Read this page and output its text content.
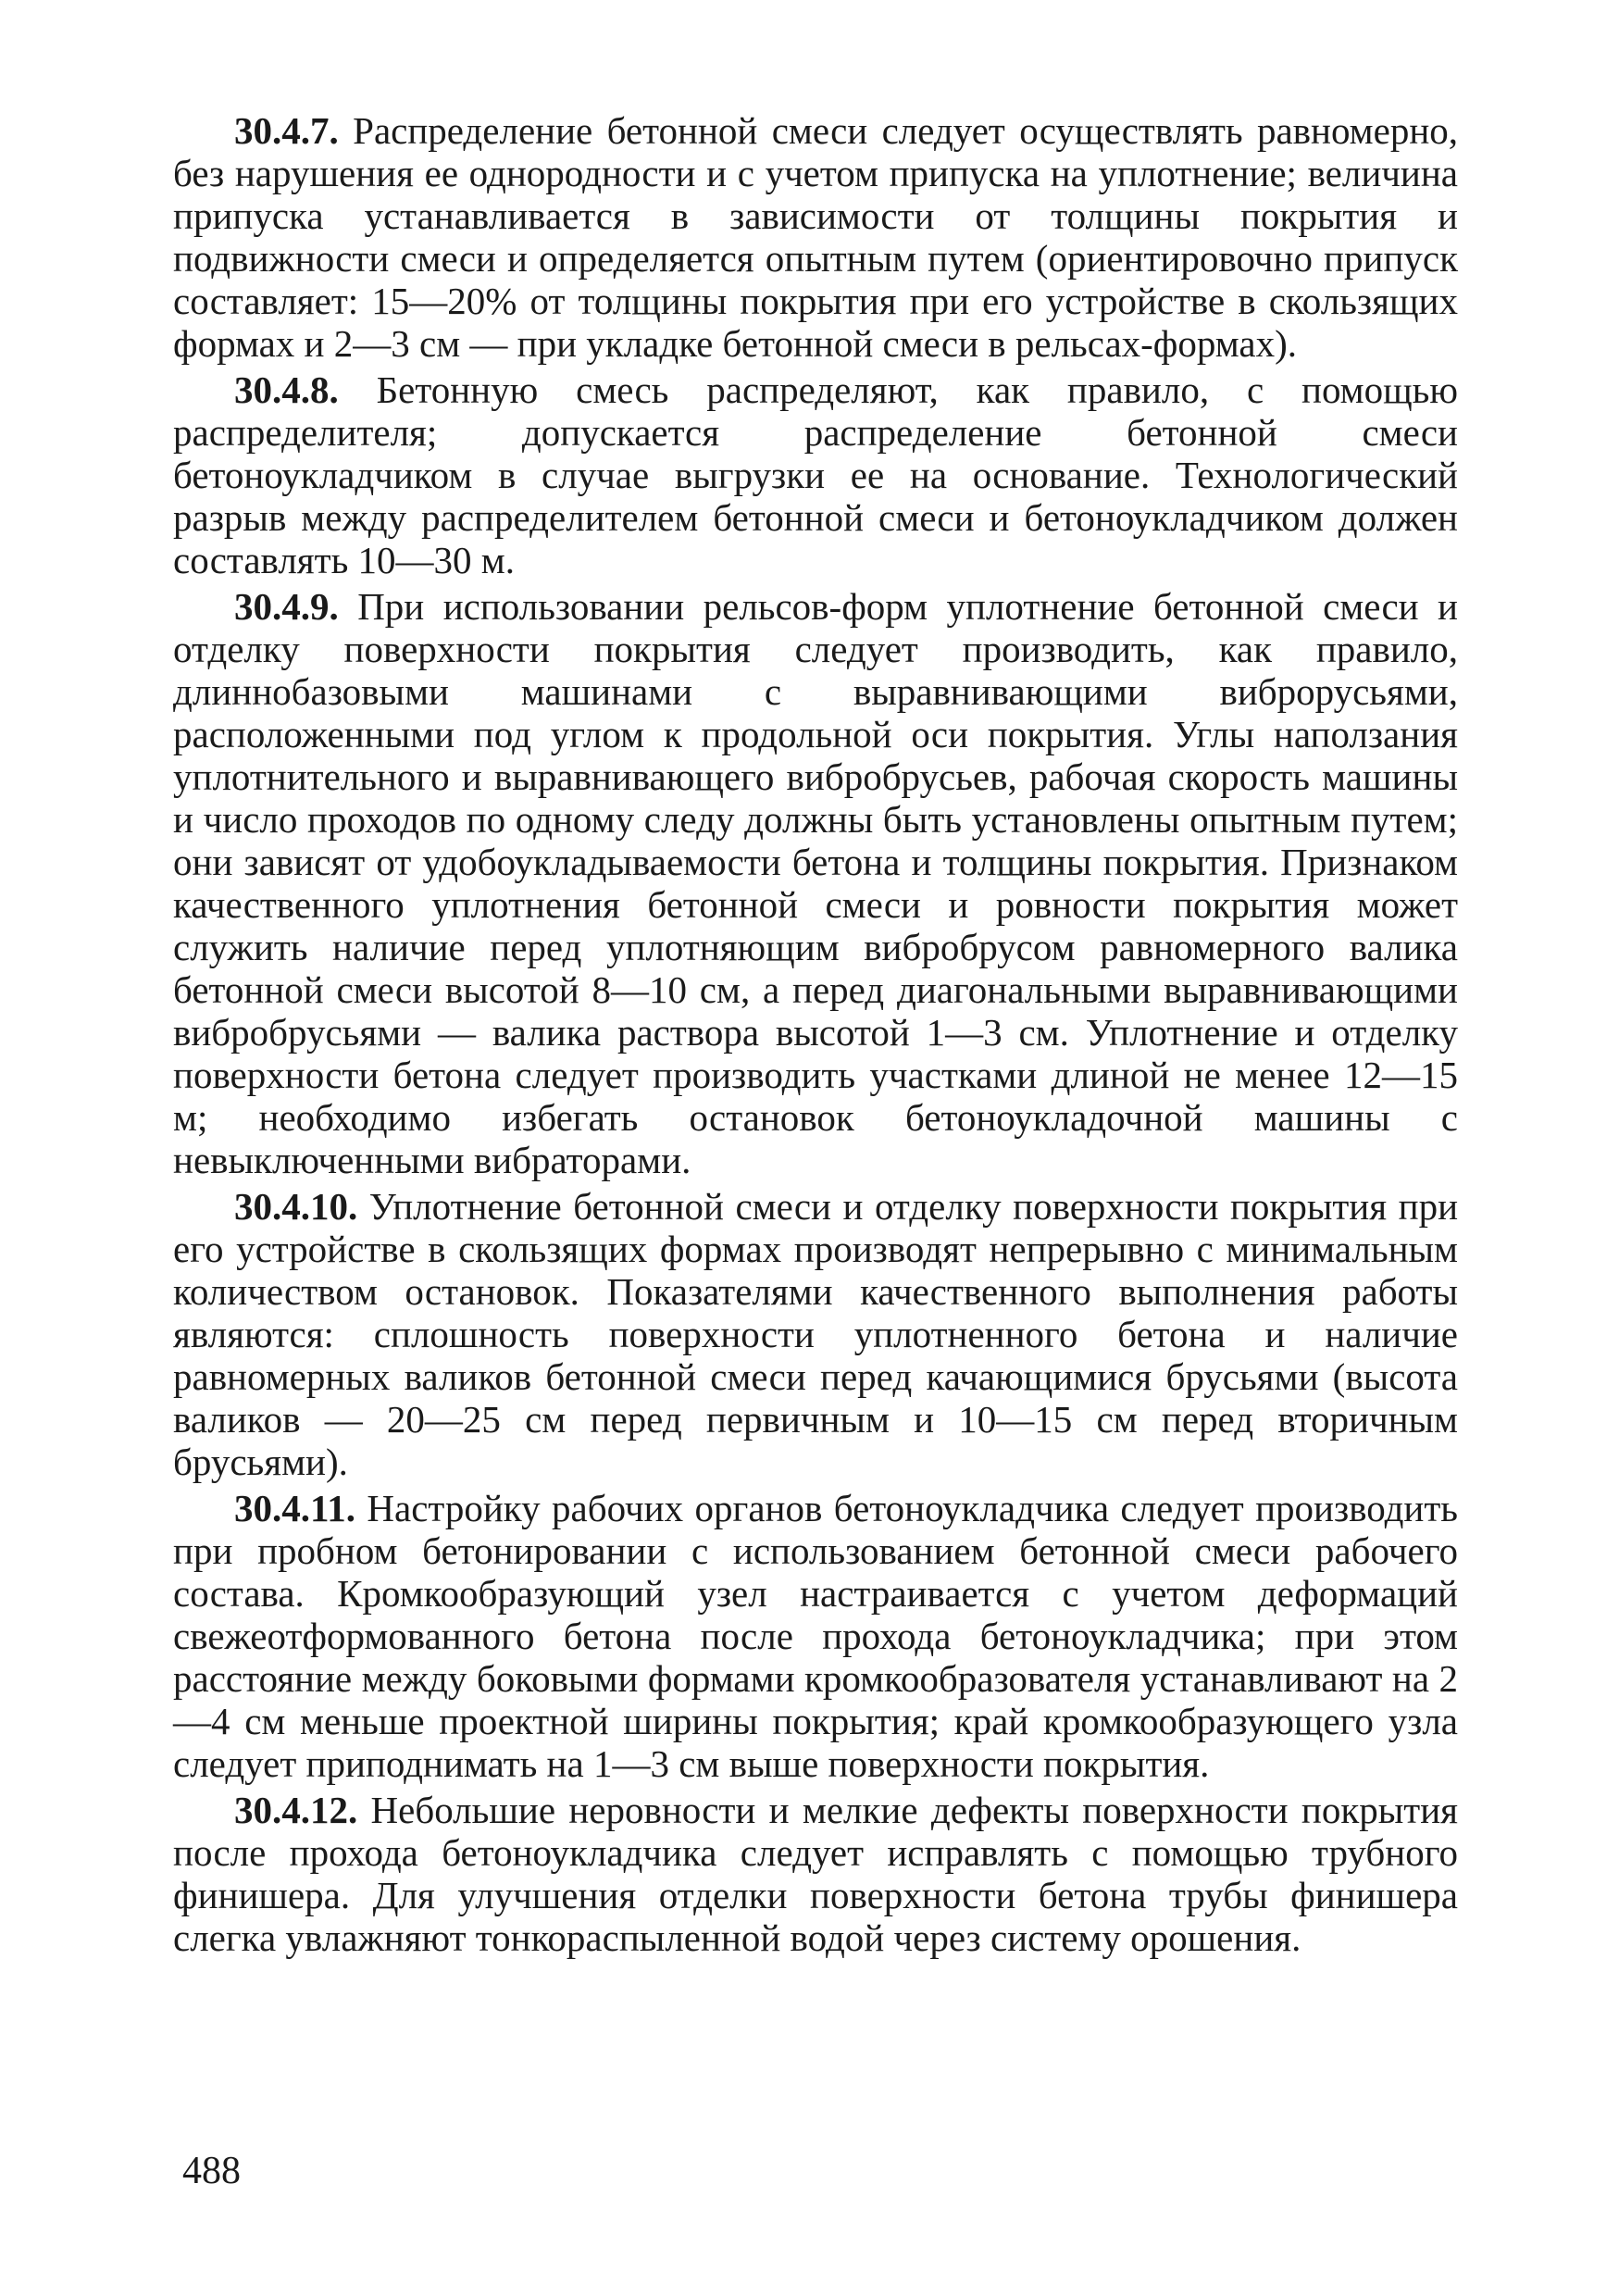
30.4.7. Распределение бетонной смеси следует осуществлять равномерно, без нарушения ее однородности и с учетом припуска на уплотнение; величина припуска устанавливается в зависимости от толщины покрытия и подвижности смеси и определяется опытным путем (ориентировочно припуск составляет: 15—20% от толщины покрытия при его устройстве в скользящих формах и 2—3 см — при укладке бетонной смеси в рельсах-формах).

30.4.8. Бетонную смесь распределяют, как правило, с помощью распределителя; допускается распределение бетонной смеси бетоноукладчиком в случае выгрузки ее на основание. Технологический разрыв между распределителем бетонной смеси и бетоноукладчиком должен составлять 10—30 м.

30.4.9. При использовании рельсов-форм уплотнение бетонной смеси и отделку поверхности покрытия следует производить, как правило, длиннобазовыми машинами с выравнивающими виброрусьями, расположенными под углом к продольной оси покрытия. Углы наползания уплотнительного и выравнивающего вибробрусьев, рабочая скорость машины и число проходов по одному следу должны быть установлены опытным путем; они зависят от удобоукладываемости бетона и толщины покрытия. Признаком качественного уплотнения бетонной смеси и ровности покрытия может служить наличие перед уплотняющим вибробрусом равномерного валика бетонной смеси высотой 8—10 см, а перед диагональными выравнивающими вибробрусьями — валика раствора высотой 1—3 см. Уплотнение и отделку поверхности бетона следует производить участками длиной не менее 12—15 м; необходимо избегать остановок бетоноукладочной машины с невыключенными вибраторами.

30.4.10. Уплотнение бетонной смеси и отделку поверхности покрытия при его устройстве в скользящих формах производят непрерывно с минимальным количеством остановок. Показателями качественного выполнения работы являются: сплошность поверхности уплотненного бетона и наличие равномерных валиков бетонной смеси перед качающимися брусьями (высота валиков — 20—25 см перед первичным и 10—15 см перед вторичным брусьями).

30.4.11. Настройку рабочих органов бетоноукладчика следует производить при пробном бетонировании с использованием бетонной смеси рабочего состава. Кромкообразующий узел настраивается с учетом деформаций свежеотформованного бетона после прохода бетоноукладчика; при этом расстояние между боковыми формами кромкообразователя устанавливают на 2—4 см меньше проектной ширины покрытия; край кромкообразующего узла следует приподнимать на 1—3 см выше поверхности покрытия.

30.4.12. Небольшие неровности и мелкие дефекты поверхности покрытия после прохода бетоноукладчика следует исправлять с помощью трубного финишера. Для улучшения отделки поверхности бетона трубы финишера слегка увлажняют тонкораспыленной водой через систему орошения.

488
